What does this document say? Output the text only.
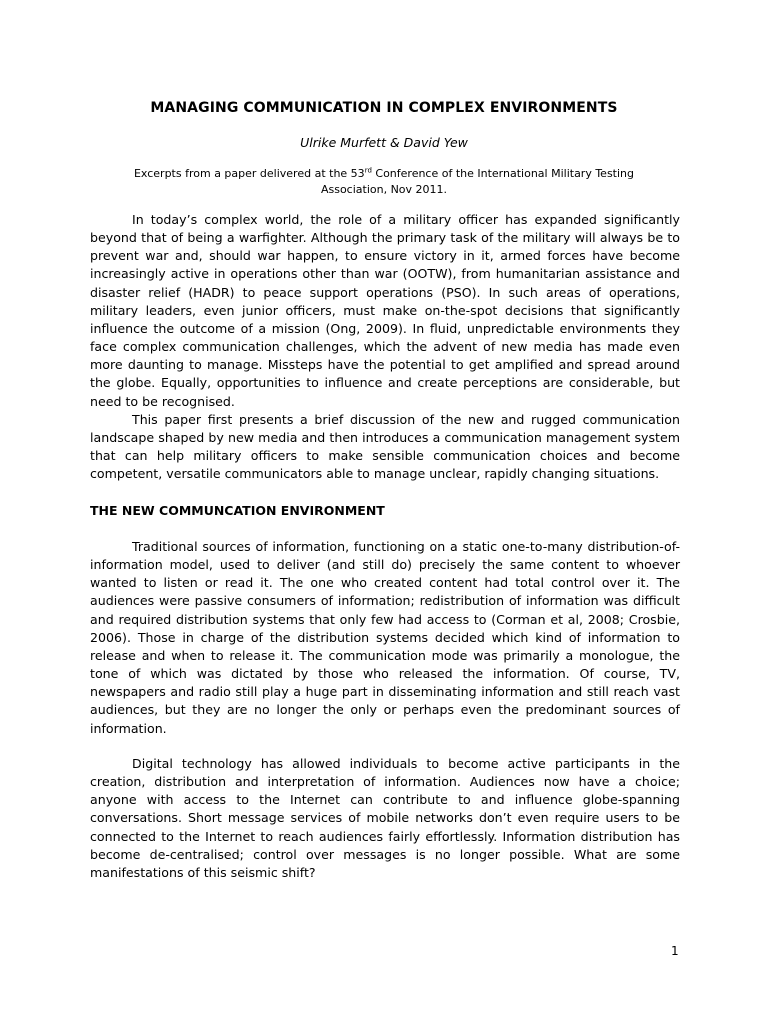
MANAGING COMMUNICATION IN COMPLEX ENVIRONMENTS
Ulrike Murfett & David Yew
Excerpts from a paper delivered at the 53rd Conference of the International Military Testing Association, Nov 2011.

In today’s complex world, the role of a military officer has expanded significantly beyond that of being a warfighter. Although the primary task of the military will always be to prevent war and, should war happen, to ensure victory in it, armed forces have become increasingly active in operations other than war (OOTW), from humanitarian assistance and disaster relief (HADR) to peace support operations (PSO). In such areas of operations, military leaders, even junior officers, must make on-the-spot decisions that significantly influence the outcome of a mission (Ong, 2009). In fluid, unpredictable environments they face complex communication challenges, which the advent of new media has made even more daunting to manage. Missteps have the potential to get amplified and spread around the globe. Equally, opportunities to influence and create perceptions are considerable, but need to be recognised.

This paper first presents a brief discussion of the new and rugged communication landscape shaped by new media and then introduces a communication management system that can help military officers to make sensible communication choices and become competent, versatile communicators able to manage unclear, rapidly changing situations.

THE NEW COMMUNCATION ENVIRONMENT

Traditional sources of information, functioning on a static one-to-many distribution-of-information model, used to deliver (and still do) precisely the same content to whoever wanted to listen or read it. The one who created content had total control over it. The audiences were passive consumers of information; redistribution of information was difficult and required distribution systems that only few had access to (Corman et al, 2008; Crosbie, 2006). Those in charge of the distribution systems decided which kind of information to release and when to release it. The communication mode was primarily a monologue, the tone of which was dictated by those who released the information. Of course, TV, newspapers and radio still play a huge part in disseminating information and still reach vast audiences, but they are no longer the only or perhaps even the predominant sources of information.

Digital technology has allowed individuals to become active participants in the creation, distribution and interpretation of information. Audiences now have a choice; anyone with access to the Internet can contribute to and influence globe-spanning conversations. Short message services of mobile networks don’t even require users to be connected to the Internet to reach audiences fairly effortlessly. Information distribution has become de-centralised; control over messages is no longer possible. What are some manifestations of this seismic shift?

1
